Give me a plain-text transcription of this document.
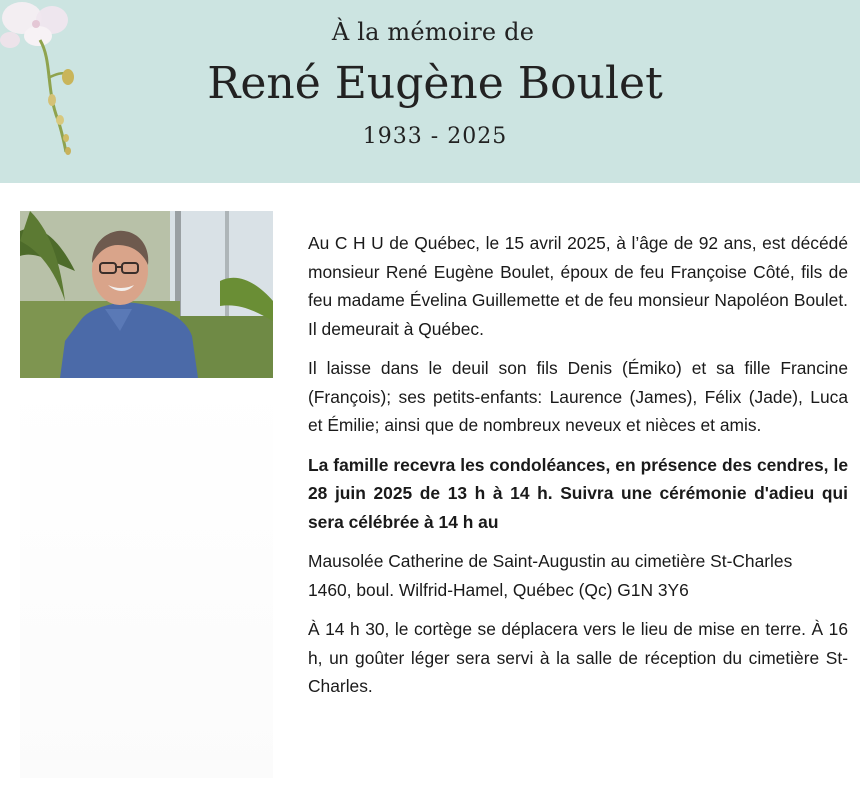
À la mémoire de
René Eugène Boulet
1933 - 2025

Au C H U de Québec, le 15 avril 2025, à l’âge de 92 ans, est décédé monsieur René Eugène Boulet, époux de feu Françoise Côté, fils de feu madame Évelina Guillemette et de feu monsieur Napoléon Boulet. Il demeurait à Québec.

Il laisse dans le deuil son fils Denis (Émiko) et sa fille Francine (François); ses petits-enfants: Laurence (James), Félix (Jade), Luca et Émilie; ainsi que de nombreux neveux et nièces et amis.

La famille recevra les condoléances, en présence des cendres, le 28 juin 2025 de 13 h à 14 h. Suivra une cérémonie d'adieu qui sera célébrée à 14 h au

Mausolée Catherine de Saint-Augustin au cimetière St-Charles
1460, boul. Wilfrid-Hamel, Québec (Qc) G1N 3Y6

À 14 h 30, le cortège se déplacera vers le lieu de mise en terre. À 16 h, un goûter léger sera servi à la salle de réception du cimetière St-Charles.
